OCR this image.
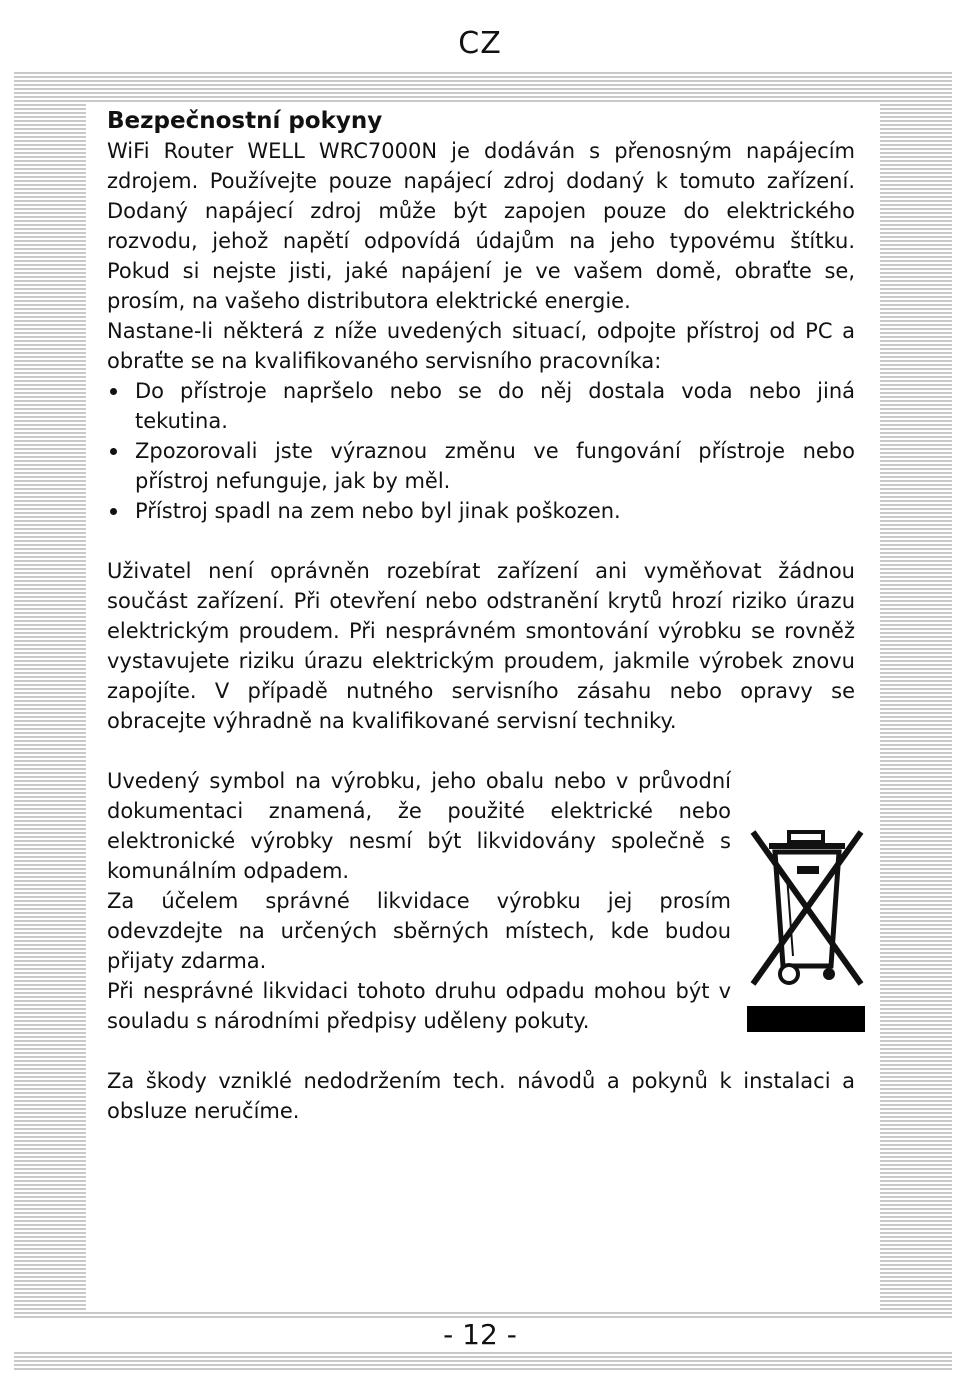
CZ
Bezpečnostní pokyny

WiFi Router WELL WRC7000N je dodáván s přenosným napájecím zdrojem. Používejte pouze napájecí zdroj dodaný k tomuto zařízení. Dodaný napájecí zdroj může být zapojen pouze do elektrického rozvodu, jehož napětí odpovídá údajům na jeho typovému štítku. Pokud si nejste jisti, jaké napájení je ve vašem domě, obraťte se, prosím, na vašeho distributora elektrické energie.

Nastane-li některá z níže uvedených situací, odpojte přístroj od PC a obraťte se na kvalifikovaného servisního pracovníka:

Do přístroje napršelo nebo se do něj dostala voda nebo jiná tekutina.
Zpozorovali jste výraznou změnu ve fungování přístroje nebo přístroj nefunguje, jak by měl.
Přístroj spadl na zem nebo byl jinak poškozen.

Uživatel není oprávněn rozebírat zařízení ani vyměňovat žádnou součást zařízení. Při otevření nebo odstranění krytů hrozí riziko úrazu elektrickým proudem. Při nesprávném smontování výrobku se rovněž vystavujete riziku úrazu elektrickým proudem, jakmile výrobek znovu zapojíte. V případě nutného servisního zásahu nebo opravy se obracejte výhradně na kvalifikované servisní techniky.

Uvedený symbol na výrobku, jeho obalu nebo v průvodní dokumentaci znamená, že použité elektrické nebo elektronické výrobky nesmí být likvidovány společně s komunálním odpadem.

Za účelem správné likvidace výrobku jej prosím odevzdejte na určených sběrných místech, kde budou přijaty zdarma.

Při nesprávné likvidaci tohoto druhu odpadu mohou být v souladu s národními předpisy uděleny pokuty.

Za škody vzniklé nedodržením tech. návodů a pokynů k instalaci a obsluze neručíme.

- 12 -
